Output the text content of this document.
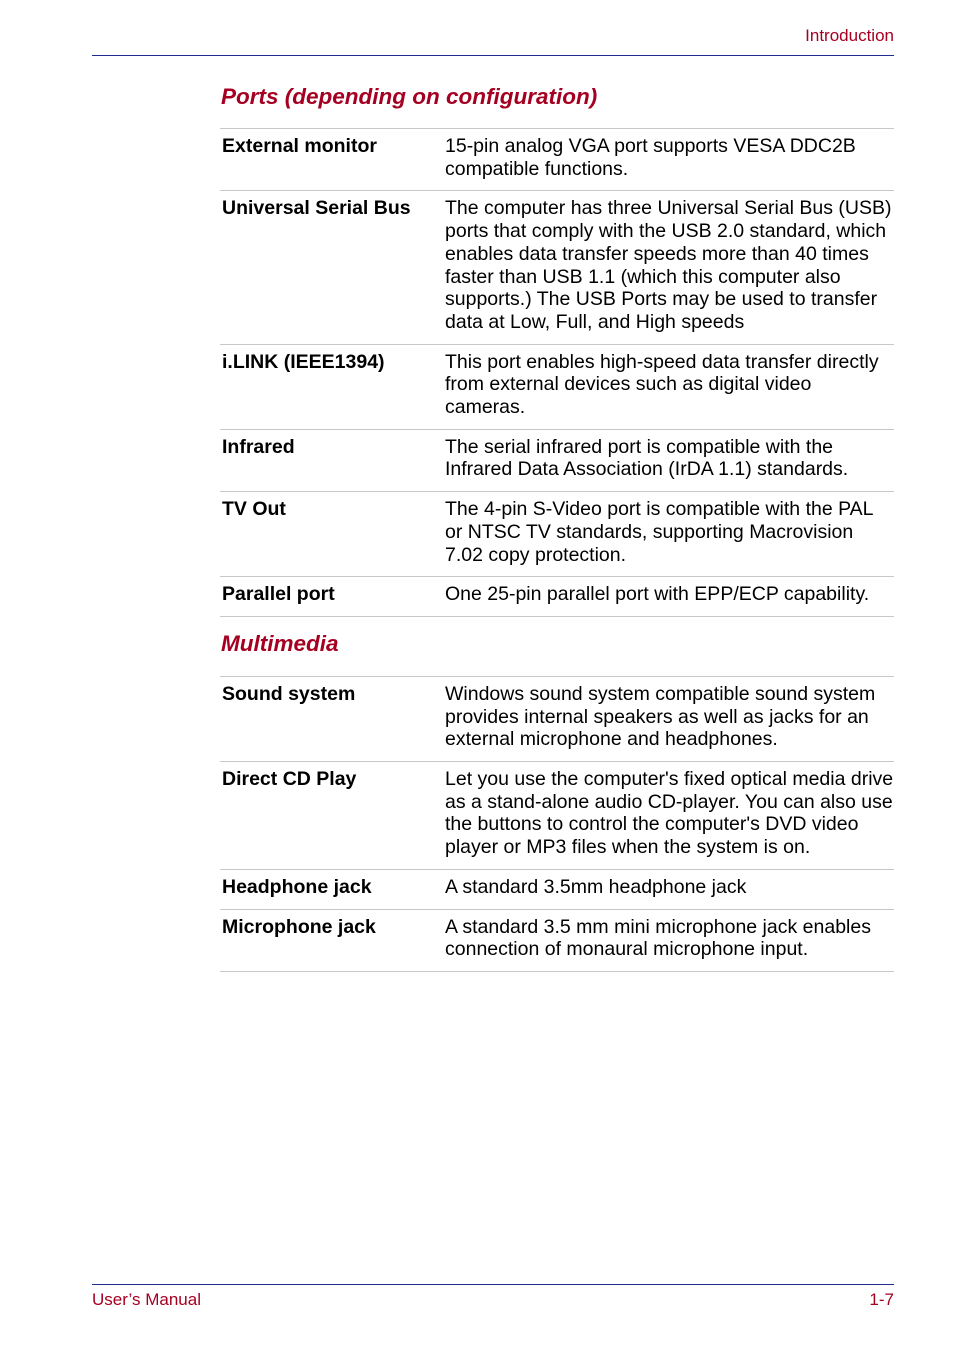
Introduction
Ports (depending on configuration)
External monitor	15-pin analog VGA port supports VESA DDC2B compatible functions.
Universal Serial Bus	The computer has three Universal Serial Bus (USB) ports that comply with the USB 2.0 standard, which enables data transfer speeds more than 40 times faster than USB 1.1 (which this computer also supports.) The USB Ports may be used to transfer data at Low, Full, and High speeds
i.LINK (IEEE1394)	This port enables high-speed data transfer directly from external devices such as digital video cameras.
Infrared	The serial infrared port is compatible with the Infrared Data Association (IrDA 1.1) standards.
TV Out	The 4-pin S-Video port is compatible with the PAL or NTSC TV standards, supporting Macrovision 7.02 copy protection.
Parallel port	One 25-pin parallel port with EPP/ECP capability.
Multimedia
Sound system	Windows sound system compatible sound system provides internal speakers as well as jacks for an external microphone and headphones.
Direct CD Play	Let you use the computer's fixed optical media drive as a stand-alone audio CD-player. You can also use the buttons to control the computer's DVD video player or MP3 files when the system is on.
Headphone jack	A standard 3.5mm headphone jack
Microphone jack	A standard 3.5 mm mini microphone jack enables connection of monaural microphone input.
User’s Manual	1-7
